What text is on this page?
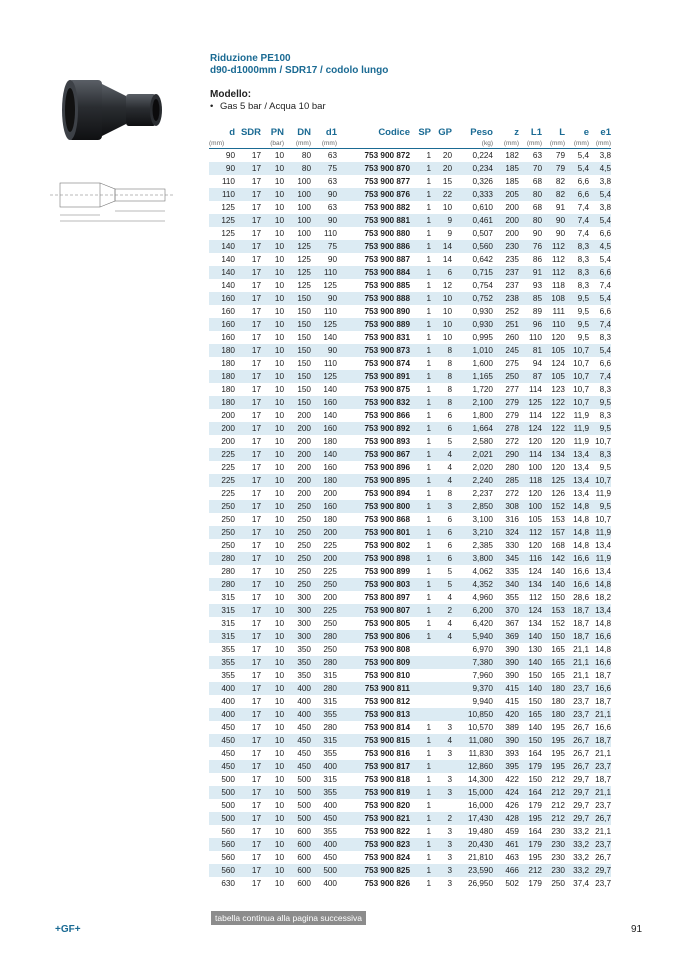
Riduzione PE100
d90-d1000mm / SDR17 / codolo lungo
Modello:
• Gas 5 bar / Acqua 10 bar
d	SDR	PN	DN	d1	Codice	SP	GP	Peso	z	L1	L	e	e1
(mm)		(bar)	(mm)	(mm)				(kg)	(mm)	(mm)	(mm)	(mm)	(mm)
90	17	10	80	63	753 900 872	1	20	0,224	182	63	79	5,4	3,8
90	17	10	80	75	753 900 870	1	20	0,234	185	70	79	5,4	4,5
110	17	10	100	63	753 900 877	1	15	0,326	185	68	82	6,6	3,8
110	17	10	100	90	753 900 876	1	22	0,333	205	80	82	6,6	5,4
125	17	10	100	63	753 900 882	1	10	0,610	200	68	91	7,4	3,8
125	17	10	100	90	753 900 881	1	9	0,461	200	80	90	7,4	5,4
125	17	10	100	110	753 900 880	1	9	0,507	200	90	90	7,4	6,6
140	17	10	125	75	753 900 886	1	14	0,560	230	76	112	8,3	4,5
140	17	10	125	90	753 900 887	1	14	0,642	235	86	112	8,3	5,4
140	17	10	125	110	753 900 884	1	6	0,715	237	91	112	8,3	6,6
140	17	10	125	125	753 900 885	1	12	0,754	237	93	118	8,3	7,4
160	17	10	150	90	753 900 888	1	10	0,752	238	85	108	9,5	5,4
160	17	10	150	110	753 900 890	1	10	0,930	252	89	111	9,5	6,6
160	17	10	150	125	753 900 889	1	10	0,930	251	96	110	9,5	7,4
160	17	10	150	140	753 900 831	1	10	0,995	260	110	120	9,5	8,3
180	17	10	150	90	753 900 873	1	8	1,010	245	81	105	10,7	5,4
180	17	10	150	110	753 900 874	1	8	1,600	275	94	124	10,7	6,6
180	17	10	150	125	753 900 891	1	8	1,165	250	87	105	10,7	7,4
180	17	10	150	140	753 900 875	1	8	1,720	277	114	123	10,7	8,3
180	17	10	150	160	753 900 832	1	8	2,100	279	125	122	10,7	9,5
200	17	10	200	140	753 900 866	1	6	1,800	279	114	122	11,9	8,3
200	17	10	200	160	753 900 892	1	6	1,664	278	124	122	11,9	9,5
200	17	10	200	180	753 900 893	1	5	2,580	272	120	120	11,9	10,7
225	17	10	200	140	753 900 867	1	4	2,021	290	114	134	13,4	8,3
225	17	10	200	160	753 900 896	1	4	2,020	280	100	120	13,4	9,5
225	17	10	200	180	753 900 895	1	4	2,240	285	118	125	13,4	10,7
225	17	10	200	200	753 900 894	1	8	2,237	272	120	126	13,4	11,9
250	17	10	250	160	753 900 800	1	3	2,850	308	100	152	14,8	9,5
250	17	10	250	180	753 900 868	1	6	3,100	316	105	153	14,8	10,7
250	17	10	250	200	753 900 801	1	6	3,210	324	112	157	14,8	11,9
250	17	10	250	225	753 900 802	1	6	2,385	330	120	168	14,8	13,4
280	17	10	250	200	753 900 898	1	6	3,800	345	116	142	16,6	11,9
280	17	10	250	225	753 900 899	1	5	4,062	335	124	140	16,6	13,4
280	17	10	250	250	753 900 803	1	5	4,352	340	134	140	16,6	14,8
315	17	10	300	200	753 800 897	1	4	4,960	355	112	150	28,6	18,2
315	17	10	300	225	753 900 807	1	2	6,200	370	124	153	18,7	13,4
315	17	10	300	250	753 900 805	1	4	6,420	367	134	152	18,7	14,8
315	17	10	300	280	753 900 806	1	4	5,940	369	140	150	18,7	16,6
355	17	10	350	250	753 900 808			6,970	390	130	165	21,1	14,8
355	17	10	350	280	753 900 809			7,380	390	140	165	21,1	16,6
355	17	10	350	315	753 900 810			7,960	390	150	165	21,1	18,7
400	17	10	400	280	753 900 811			9,370	415	140	180	23,7	16,6
400	17	10	400	315	753 900 812			9,940	415	150	180	23,7	18,7
400	17	10	400	355	753 900 813			10,850	420	165	180	23,7	21,1
450	17	10	450	280	753 900 814	1	3	10,570	389	140	195	26,7	16,6
450	17	10	450	315	753 900 815	1	4	11,080	390	150	195	26,7	18,7
450	17	10	450	355	753 900 816	1	3	11,830	393	164	195	26,7	21,1
450	17	10	450	400	753 900 817	1		12,860	395	179	195	26,7	23,7
500	17	10	500	315	753 900 818	1	3	14,300	422	150	212	29,7	18,7
500	17	10	500	355	753 900 819	1	3	15,000	424	164	212	29,7	21,1
500	17	10	500	400	753 900 820	1		16,000	426	179	212	29,7	23,7
500	17	10	500	450	753 900 821	1	2	17,430	428	195	212	29,7	26,7
560	17	10	600	355	753 900 822	1	3	19,480	459	164	230	33,2	21,1
560	17	10	600	400	753 900 823	1	3	20,430	461	179	230	33,2	23,7
560	17	10	600	450	753 900 824	1	3	21,810	463	195	230	33,2	26,7
560	17	10	600	500	753 900 825	1	3	23,590	466	212	230	33,2	29,7
630	17	10	600	400	753 900 826	1	3	26,950	502	179	250	37,4	23,7
tabella continua alla pagina successiva
+GF+	91
